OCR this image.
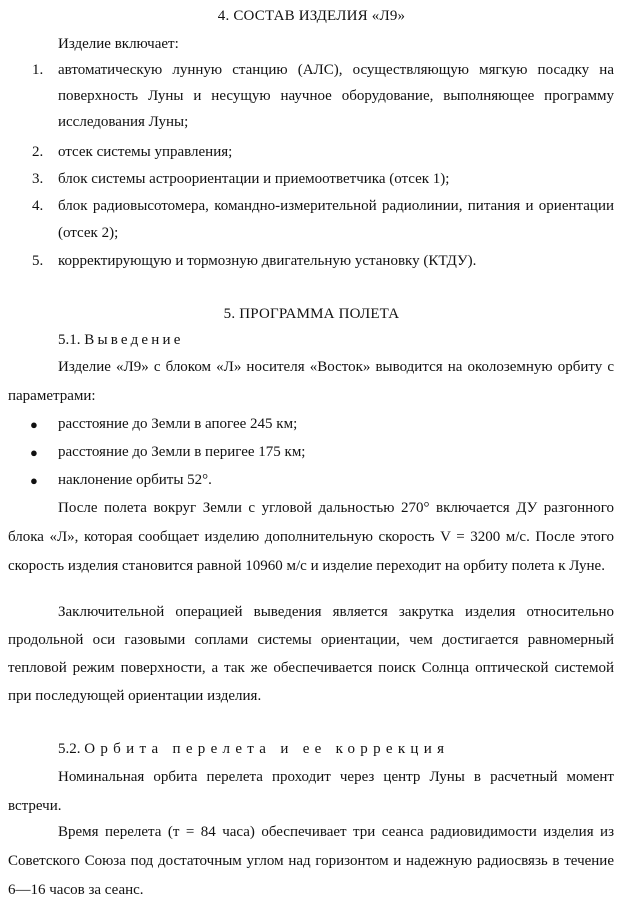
4. СОСТАВ ИЗДЕЛИЯ «Л9»
Изделие включает:
1. автоматическую лунную станцию (АЛС), осуществляющую мягкую посадку на поверхность Луны и несущую научное оборудование, выполняющее программу исследования Луны;
2. отсек системы управления;
3. блок системы астроориентации и приемоответчика (отсек 1);
4. блок радиовысотомера, командно-измерительной радиолинии, питания и ориентации (отсек 2);
5. корректирующую и тормозную двигательную установку (КТДУ).
5. ПРОГРАММА ПОЛЕТА
5.1. Выведение
Изделие «Л9» с блоком «Л» носителя «Восток» выводится на околоземную орбиту с параметрами:
● расстояние до Земли в апогее 245 км;
● расстояние до Земли в перигее 175 км;
● наклонение орбиты 52°.
После полета вокруг Земли с угловой дальностью 270° включается ДУ разгонного блока «Л», которая сообщает изделию дополнительную скорость V = 3200 м/с. После этого скорость изделия становится равной 10960 м/с и изделие переходит на орбиту полета к Луне.
Заключительной операцией выведения является закрутка изделия относительно продольной оси газовыми соплами системы ориентации, чем достигается равномерный тепловой режим поверхности, а так же обеспечивается поиск Солнца оптической системой при последующей ориентации изделия.
5.2. Орбита перелета и ее коррекция
Номинальная орбита перелета проходит через центр Луны в расчетный момент встречи.
Время перелета (т = 84 часа) обеспечивает три сеанса радиовидимости изделия из Советского Союза под достаточным углом над горизонтом и надежную радиосвязь в течение 6—16 часов за сеанс.
